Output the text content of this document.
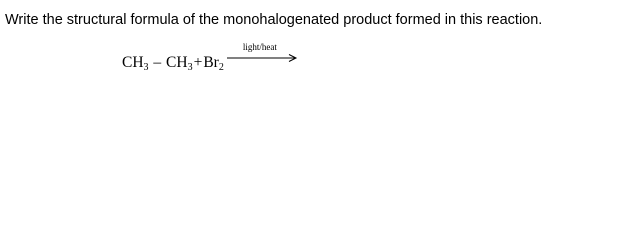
Write the structural formula of the monohalogenated product formed in this reaction.
$CH_3 - CH_3 + Br_2$
light/heat
